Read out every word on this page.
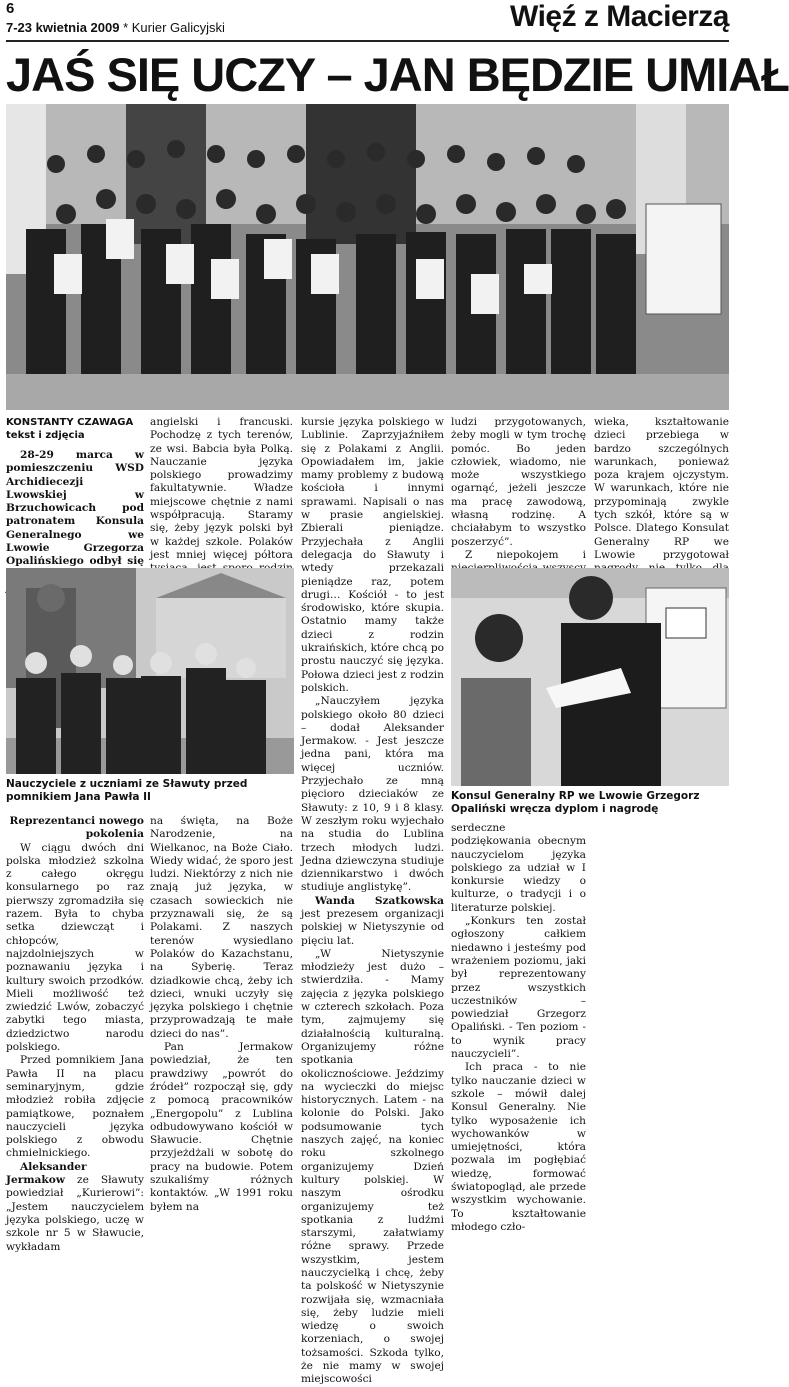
6
7-23 kwietnia 2009 * Kurier Galicyjski	Więź z Macierzą
JAŚ SIĘ UCZY – JAN BĘDZIE UMIAŁ
KONSTANTY CZAWAGA
tekst i zdjęcia

28-29 marca w pomieszczeniu WSD Archidiecezji Lwowskiej w Brzuchowicach pod patronatem Konsula Generalnego we Lwowie Grzegorza Opalińskiego odbył się

angielski i francuski. Pochodzę z tych terenów, ze wsi. Babcia była Polką. Nauczanie języka polskiego prowadzimy fakultatywnie. Władze miejscowe chętnie z nami współpracują. Staramy się, żeby język polski był w każdej szkole. Polaków jest mniej więcej półtora

kursie języka polskiego w Lublinie. Zaprzyjaźniłem się z Polakami z Anglii. Opowiadałem im, jakie mamy problemy z budową kościoła i innymi sprawami. Napisali o nas w prasie angielskiej. Zbierali pieniądze. Przyjechała z Anglii delegacja do Sławuty i wtedy przekazali pieniądze raz, potem drugi… Kościół - to jest środowisko, które skupia. Ostatnio mamy także dzieci z rodzin ukraińskich, które chcą po prostu nauczyć się języka. Połowa dzieci jest z rodzin polskich.

„Nauczyłem języka polskiego około 80 dzieci – dodał Aleksander Jermakow. - Jest jeszcze jedna pani, która ma więcej uczniów. Przyjechało ze mną pięcioro dzieciaków ze Sławuty: z 10, 9 i 8 klasy. W zeszłym roku wyjechało na studia do Lublina trzech młodych ludzi. Jedna dziewczyna studiuje dziennikarstwo i dwóch studiuje anglistykę”.

Wanda Szatkowska jest prezesem organizacji polskiej w Nietyszynie od pięciu lat.

„W Nietyszynie młodzieży jest dużo – stwierdziła. - Mamy zajęcia z języka polskiego w czterech szkołach. Poza tym, zajmujemy się działalnością kulturalną. Organizujemy różne spotkania okolicznościowe. Jeździmy na wycieczki do miejsc historycznych. Latem - na kolonie do Polski. Jako podsumowanie tych naszych zajęć, na koniec roku szkolnego organizujemy Dzień kultury polskiej. W naszym ośrodku organizujemy też spotkania z ludźmi starszymi, załatwiamy różne sprawy. Przede wszystkim, jestem nauczycielką i chcę, żeby ta polskość w Nietyszynie rozwijała się, wzmacniała się, żeby ludzie mieli wiedzę o swoich korzeniach, o swojej tożsamości. Szkoda tylko, że nie mamy w swojej miejscowości

ludzi przygotowanych, żeby mogli w tym trochę pomóc. Bo jeden człowiek, wiadomo, nie może wszystkiego ogarnąć, jeżeli jeszcze ma pracę zawodową, własną rodzinę. A chciałabym to wszystko poszerzyć”.

Z niepokojem i

wieka, kształtowanie dzieci przebiega w bardzo szczególnych warunkach, ponieważ poza krajem ojczystym. W warunkach, które nie przypominają zwykle tych szkół, które są w Polsce. Dlatego Konsulat Generalny RP we Lwowie przygotował

Nauczyciele z uczniami ze Sławuty przed pomnikiem Jana Pawła II	Konsul Generalny RP we Lwowie Grzegorz Opaliński wręcza dyplom i nagrodę

Reprezentanci nowego pokolenia

W ciągu dwóch dni polska młodzież szkolna z całego okręgu konsularnego po raz pierwszy zgromadziła się razem. Była to chyba setka dziewcząt i chłopców, najzdolniejszych w poznawaniu języka i kultury swoich przodków. Mieli możliwość też zwiedzić Lwów, zobaczyć zabytki tego miasta, dziedzictwo narodu polskiego.

Przed pomnikiem Jana Pawła II na placu seminaryjnym, gdzie młodzież robiła zdjęcie pamiątkowe, poznałem nauczycieli języka polskiego z obwodu chmielnickiego.

Aleksander Jermakow ze Sławuty powiedział „Kurierowi”: „Jestem nauczycielem języka polskiego, uczę w szkole nr 5 w Sławucie, wykładam

na święta, na Boże Narodzenie, na Wielkanoc, na Boże Ciało. Wiedy widać, że sporo jest ludzi. Niektórzy z nich nie znają już języka, w czasach sowieckich nie przyznawali się, że są Polakami. Z naszych terenów wysiedlano Polaków do Kazachstanu, na Syberię. Teraz dziadkowie chcą, żeby ich dzieci, wnuki uczyły się języka polskiego i chętnie przyprowadzają te małe dzieci do nas”.

Pan Jermakow powiedział, że ten prawdziwy „powrót do źródeł” rozpoczął się, gdy z pomocą pracowników „Energopolu” z Lublina odbudowywano kościół w Sławucie. Chętnie przyjeżdżali w sobotę do pracy na budowie. Potem szukaliśmy różnych kontaktów. „W 1991 roku byłem na

serdeczne podziękowania obecnym nauczycielom języka polskiego za udział w I konkursie wiedzy o kulturze, o tradycji i o literaturze polskiej.

„Konkurs ten został ogłoszony całkiem niedawno i jesteśmy pod wrażeniem poziomu, jaki był reprezentowany przez wszystkich uczestników – powiedział Grzegorz Opaliński. - Ten poziom - to wynik pracy nauczycieli”.

Ich praca - to nie tylko nauczanie dzieci w szkole – mówił dalej Konsul Generalny. Nie tylko wyposażenie ich wychowanków w umiejętności, która pozwala im pogłębiać wiedzę, formować światopogląd, ale przede wszystkim wychowanie. To kształtowanie młodego czło-
